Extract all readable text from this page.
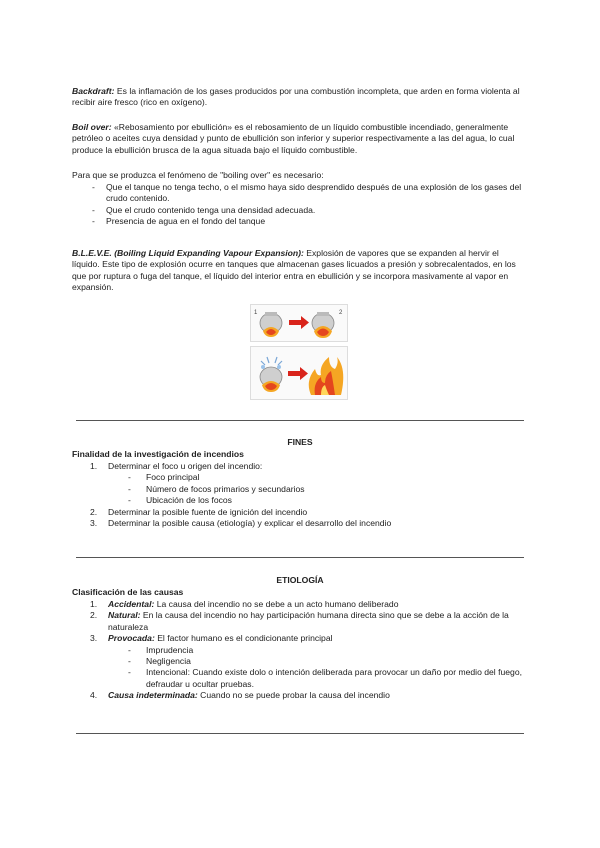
Backdraft: Es la inflamación de los gases producidos por una combustión incompleta, que arden en forma violenta al recibir aire fresco (rico en oxígeno).
Boil over: «Rebosamiento por ebullición» es el rebosamiento de un líquido combustible incendiado, generalmente petróleo o aceites cuya densidad y punto de ebullición son inferior y superior respectivamente a las del agua, lo cual produce la ebullición brusca de la agua situada bajo el líquido combustible.
Para que se produzca el fenómeno de "boiling over" es necesario:
- Que el tanque no tenga techo, o el mismo haya sido desprendido después de una explosión de los gases del crudo contenido.
- Que el crudo contenido tenga una densidad adecuada.
- Presencia de agua en el fondo del tanque
B.L.E.V.E. (Boiling Liquid Expanding Vapour Expansion): Explosión de vapores que se expanden al hervir el líquido. Este tipo de explosión ocurre en tanques que almacenan gases licuados a presión y sobrecalentados, en los que por ruptura o fuga del tanque, el líquido del interior entra en ebullición y se incorpora masivamente al vapor en expansión.
1	2
FINES
Finalidad de la investigación de incendios
1. Determinar el foco u origen del incendio:
- Foco principal
- Número de focos primarios y secundarios
- Ubicación de los focos
2. Determinar la posible fuente de ignición del incendio
3. Determinar la posible causa (etiología) y explicar el desarrollo del incendio
ETIOLOGÍA
Clasificación de las causas
1. Accidental: La causa del incendio no se debe a un acto humano deliberado
2. Natural: En la causa del incendio no hay participación humana directa sino que se debe a la acción de la naturaleza
3. Provocada: El factor humano es el condicionante principal
- Imprudencia
- Negligencia
- Intencional: Cuando existe dolo o intención deliberada para provocar un daño por medio del fuego, defraudar u ocultar pruebas.
4. Causa indeterminada: Cuando no se puede probar la causa del incendio
